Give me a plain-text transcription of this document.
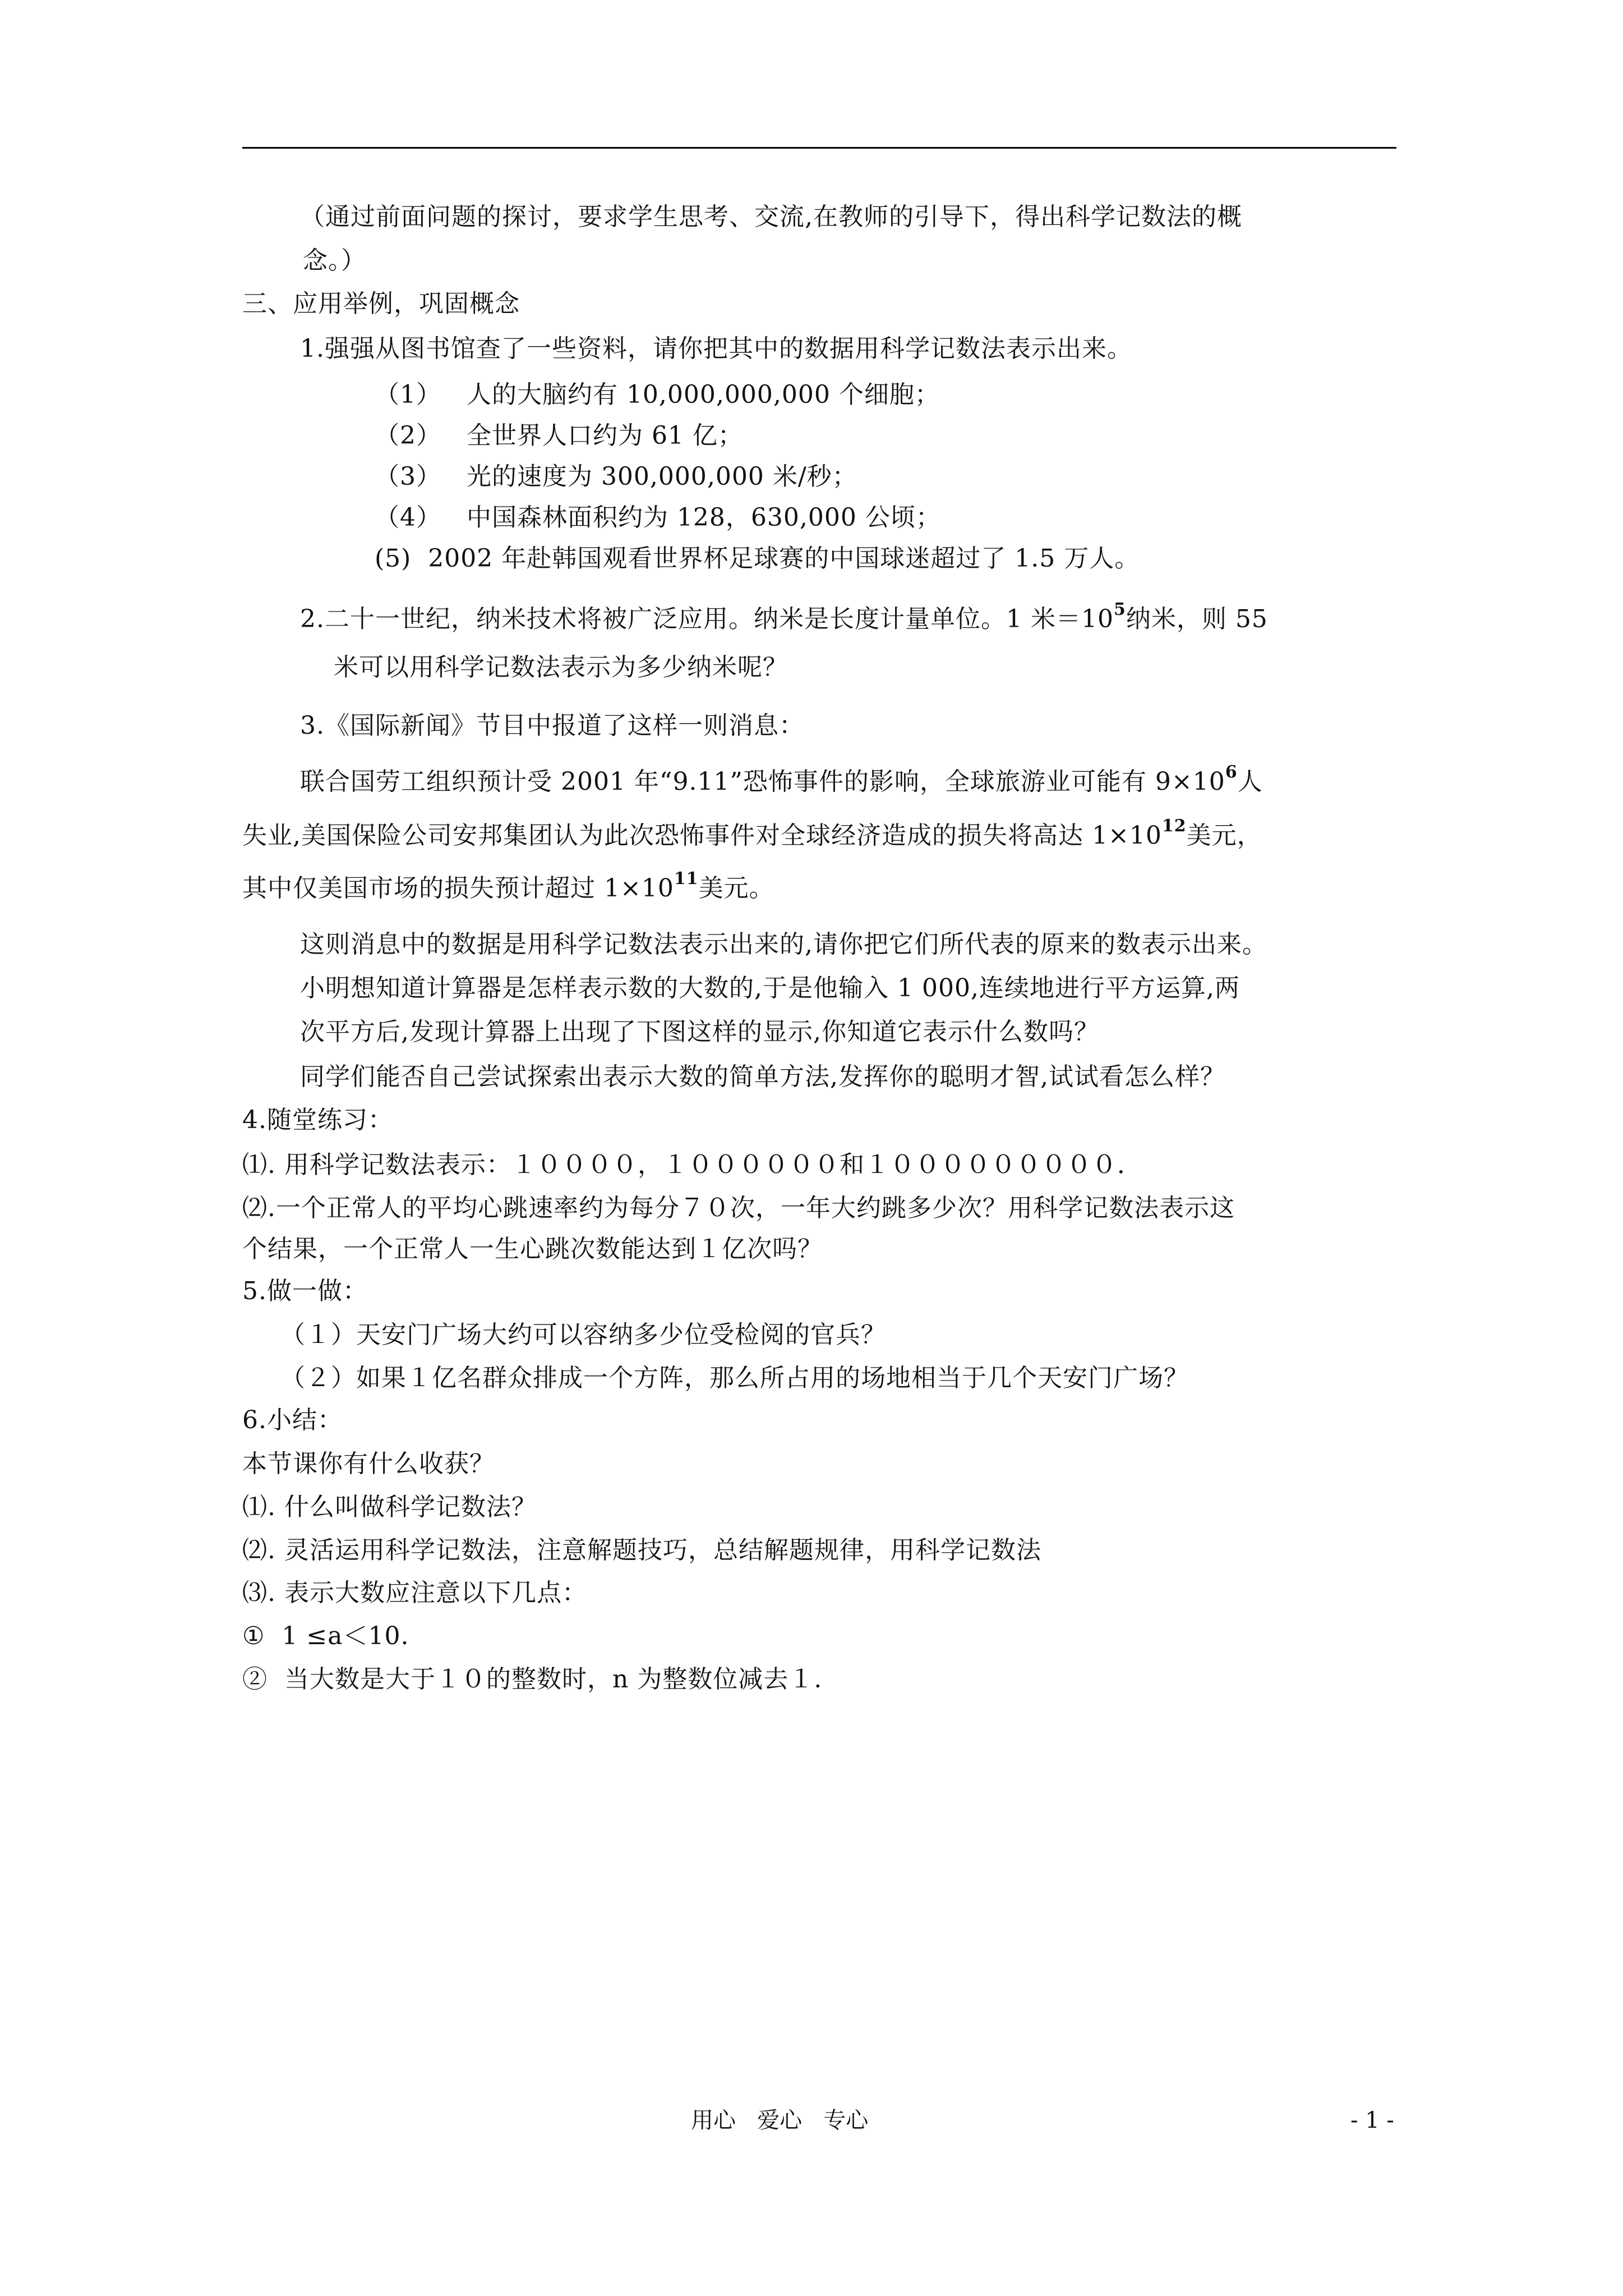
（通过前面问题的探讨，要求学生思考、交流,在教师的引导下，得出科学记数法的概
念。）
三、应用举例，巩固概念
1.强强从图书馆查了一些资料，请你把其中的数据用科学记数法表示出来。
（1）   人的大脑约有 10,000,000,000 个细胞；
（2）   全世界人口约为 61 亿；
（3）   光的速度为 300,000,000 米/秒；
（4）   中国森林面积约为 128，630,000 公顷；
(5)  2002 年赴韩国观看世界杯足球赛的中国球迷超过了 1.5 万人。
2.二十一世纪，纳米技术将被广泛应用。纳米是长度计量单位。1 米$=10^5$纳米，则 55
米可以用科学记数法表示为多少纳米呢？
3.《国际新闻》节目中报道了这样一则消息：
联合国劳工组织预计受 2001 年“9.11”恐怖事件的影响，全球旅游业可能有 $9\times 10^6$人
失业,美国保险公司安邦集团认为此次恐怖事件对全球经济造成的损失将高达 $1\times 10^{12}$美元，
其中仅美国市场的损失预计超过 $1\times 10^{11}$美元。
这则消息中的数据是用科学记数法表示出来的,请你把它们所代表的原来的数表示出来。
小明想知道计算器是怎样表示数的大数的,于是他输入 1 000,连续地进行平方运算,两
次平方后,发现计算器上出现了下图这样的显示,你知道它表示什么数吗？
同学们能否自己尝试探索出表示大数的简单方法,发挥你的聪明才智,试试看怎么样？
4.随堂练习：
⑴. 用科学记数法表示：１００００，１００００００和１０００００００００．
⑵.一个正常人的平均心跳速率约为每分７０次，一年大约跳多少次？用科学记数法表示这
个结果，一个正常人一生心跳次数能达到１亿次吗？
5.做一做：
（１）天安门广场大约可以容纳多少位受检阅的官兵？
（２）如果１亿名群众排成一个方阵，那么所占用的场地相当于几个天安门广场？
6.小结：
本节课你有什么收获？
⑴. 什么叫做科学记数法？
⑵. 灵活运用科学记数法，注意解题技巧，总结解题规律，用科学记数法
⑶. 表示大数应注意以下几点：
①  1 ≤a＜10.
②  当大数是大于１０的整数时，n 为整数位减去１.
用心   爱心   专心	- 1 -
